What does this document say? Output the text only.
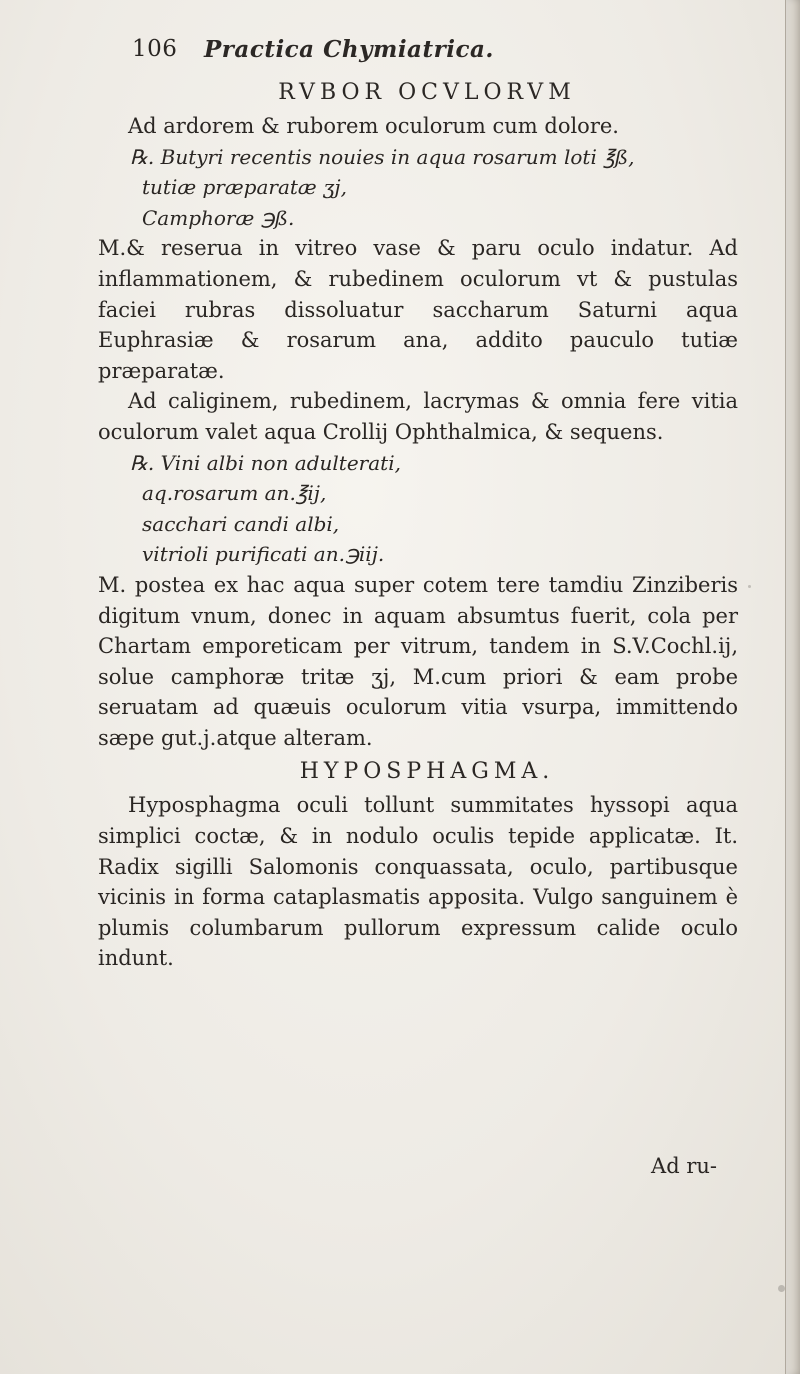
106 Practica Chymiatrica.
RVBOR OCVLORVM
Ad ardorem & ruborem oculorum cum dolore.
℞. Butyri recentis nouies in aqua rosarum loti ℥ß,
tutiæ præparatæ ʒj,
Camphoræ ℈ß.
M.& reserua in vitreo vase & paru oculo indatur. Ad inflammationem, & rubedinem oculorum vt & pustulas faciei rubras dissoluatur saccharum Saturni aqua Euphrasiæ & rosarum ana, addito pauculo tutiæ præparatæ.
Ad caliginem, rubedinem, lacrymas & omnia fere vitia oculorum valet aqua Crollij Ophthalmica, & sequens.
℞. Vini albi non adulterati,
aq.rosarum an.℥ij,
sacchari candi albi,
vitrioli purificati an.℈iij.
M. postea ex hac aqua super cotem tere tamdiu Zinziberis digitum vnum, donec in aquam absumtus fuerit, cola per Chartam emporeticam per vitrum, tandem in S.V.Cochl.ij, solue camphoræ tritæ ʒj, M.cum priori & eam probe seruatam ad quæuis oculorum vitia vsurpa, immittendo sæpe gut.j.atque alteram.
HYPOSPHAGMA.
Hyposphagma oculi tollunt summitates hyssopi aqua simplici coctæ, & in nodulo oculis tepide applicatæ. It. Radix sigilli Salomonis conquassata, oculo, partibusque vicinis in forma cataplasmatis apposita. Vulgo sanguinem è plumis columbarum pullorum expressum calide oculo indunt.
Ad ru-
